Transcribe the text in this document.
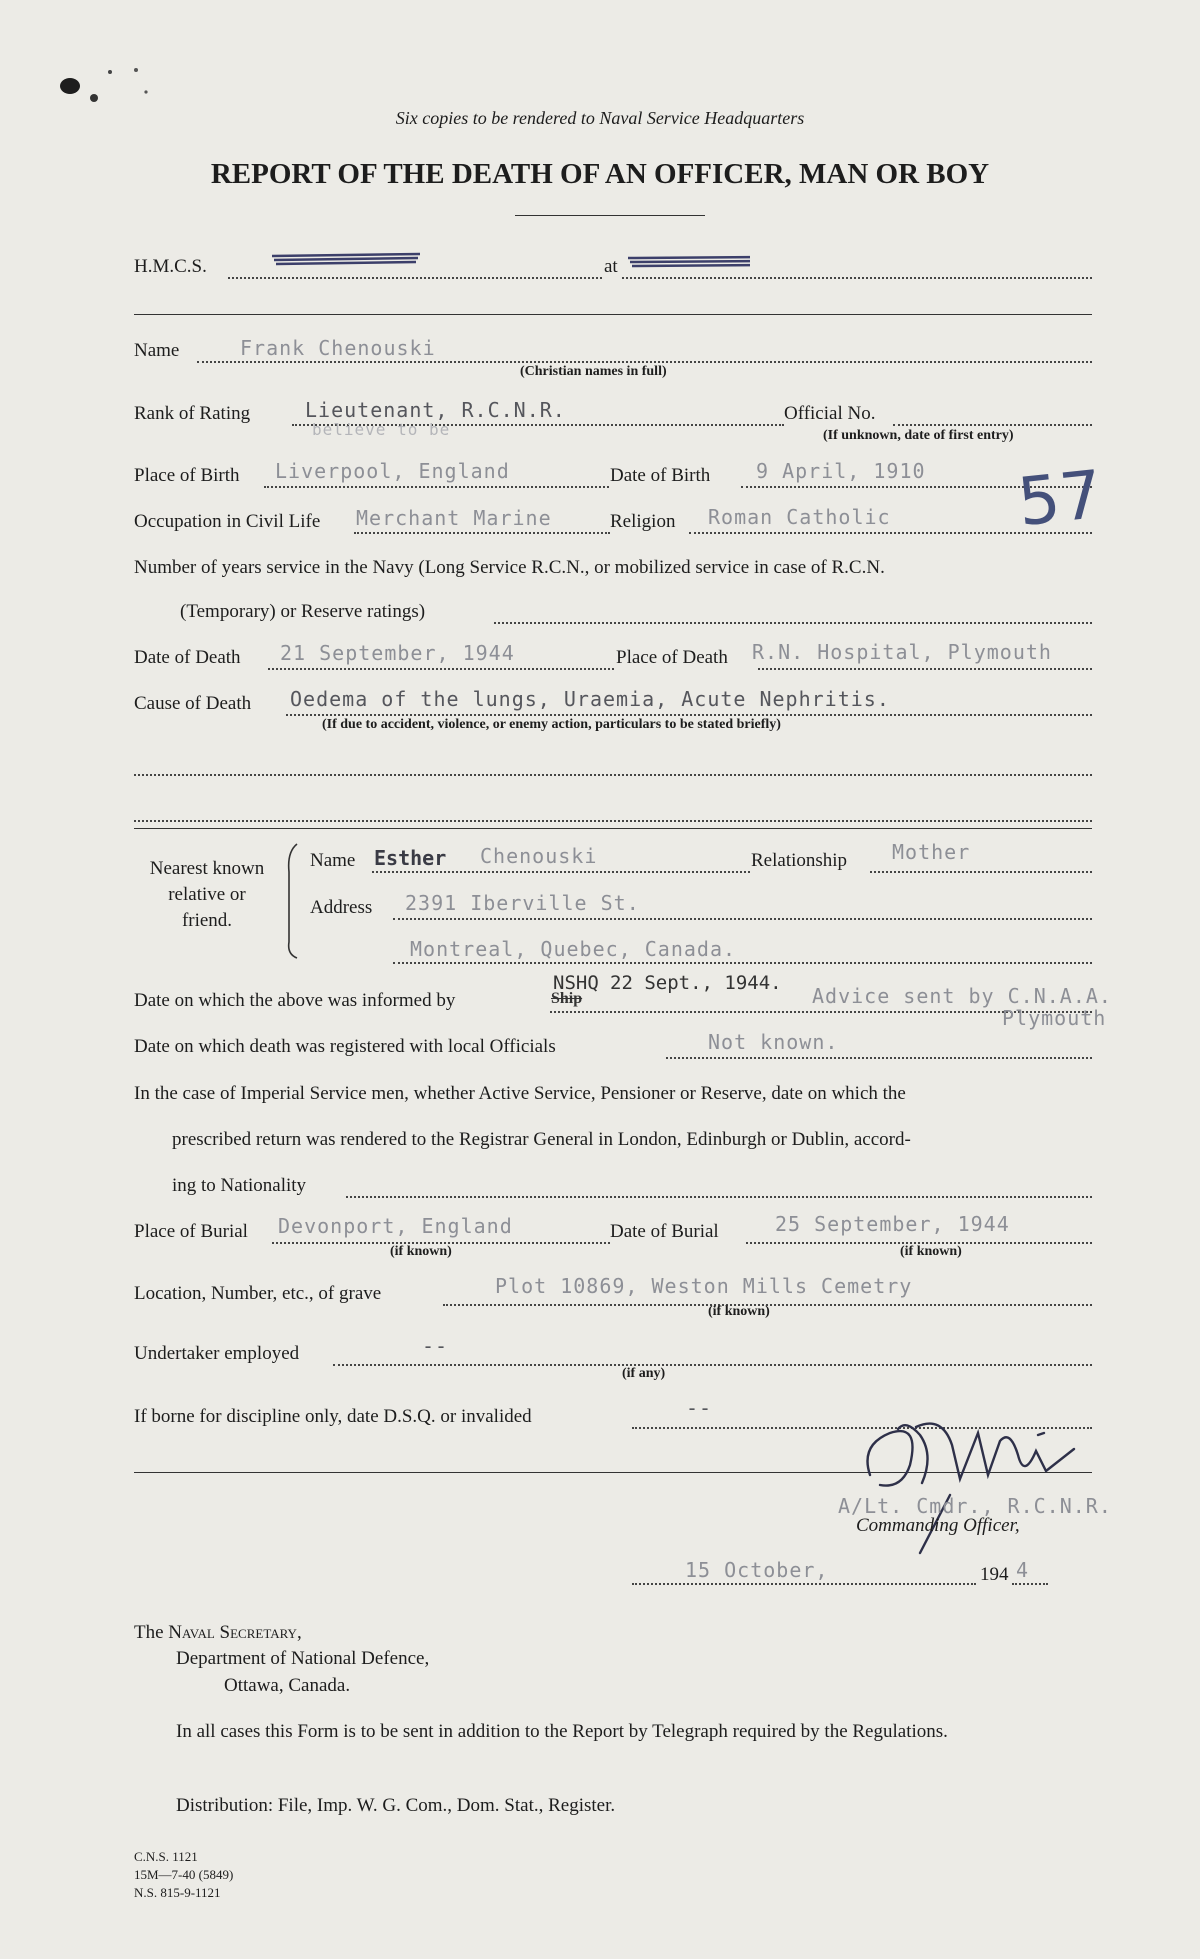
Six copies to be rendered to Naval Service Headquarters
REPORT OF THE DEATH OF AN OFFICER, MAN OR BOY
H.M.C.S.	at
Name	Frank Chenouski
(Christian names in full)
Rank of Rating	Lieutenant, R.C.N.R.
believe to be
Official No.
(If unknown, date of first entry)
Place of Birth Liverpool, England	Date of Birth 9 April, 1910
Occupation in Civil Life Merchant Marine	Religion Roman Catholic 57
Number of years service in the Navy (Long Service R.C.N., or mobilized service in case of R.C.N.
(Temporary) or Reserve ratings)
Date of Death 21 September, 1944	Place of Death R.N. Hospital, Plymouth
Cause of Death Oedema of the lungs, Uraemia, Acute Nephritis.
(If due to accident, violence, or enemy action, particulars to be stated briefly)
Nearest known
relative or
friend.
Name Esther Chenouski	Relationship Mother
Address 2391 Iberville St.
Montreal, Quebec, Canada.
Date on which the above was informed by	Ship
NSHQ 22 Sept., 1944.
Advice sent by C.N.A.A.
Plymouth
Date on which death was registered with local Officials	Not known.
In the case of Imperial Service men, whether Active Service, Pensioner or Reserve, date on which the
prescribed return was rendered to the Registrar General in London, Edinburgh or Dublin, accord-
ing to Nationality
Place of Burial Devonport, England
(if known)
Date of Burial	25 September, 1944
(if known)
Location, Number, etc., of grave	Plot 10869, Weston Mills Cemetry
(if known)
Undertaker employed	--
(if any)
If borne for discipline only, date D.S.Q. or invalided	--
A/Lt. Cmdr., R.C.N.R.
Commanding Officer,
15 October,	194 4
The Naval Secretary,
Department of National Defence,
Ottawa, Canada.
In all cases this Form is to be sent in addition to the Report by Telegraph required by the Regulations.
Distribution: File, Imp. W. G. Com., Dom. Stat., Register.
C.N.S. 1121
15M—7-40 (5849)
N.S. 815-9-1121
